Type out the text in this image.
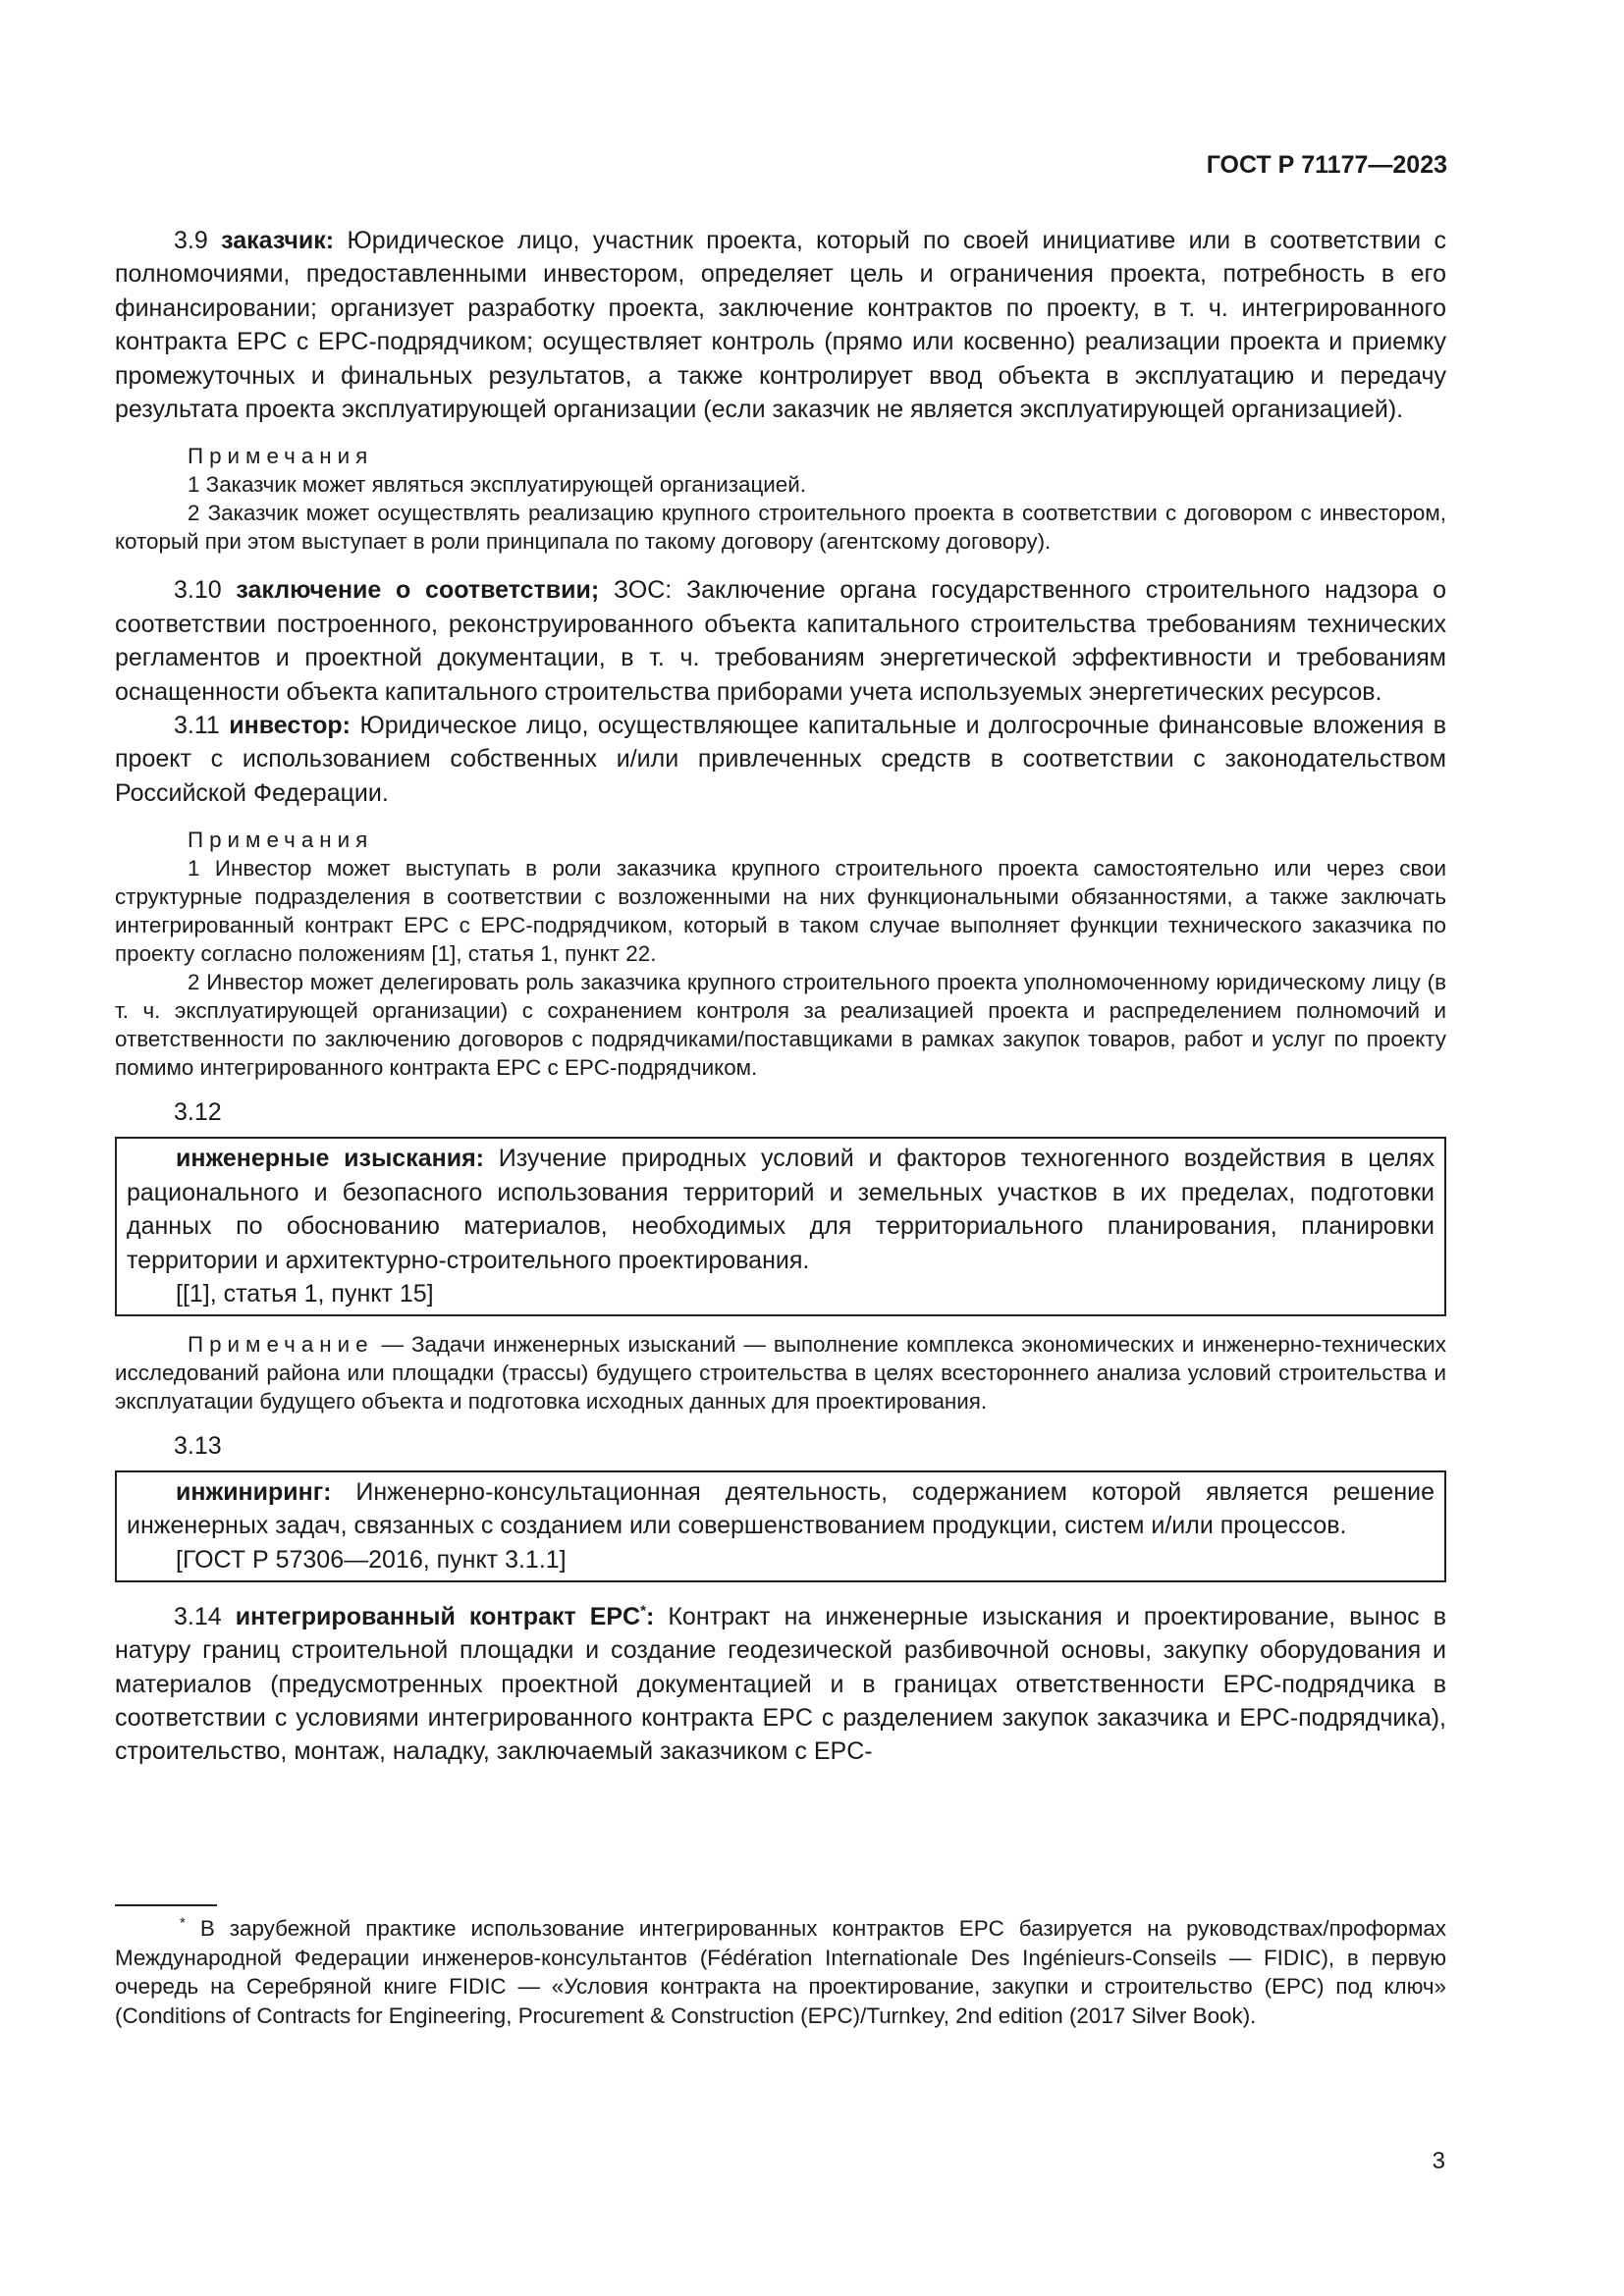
ГОСТ Р 71177—2023

3.9 заказчик: Юридическое лицо, участник проекта, который по своей инициативе или в соответствии с полномочиями, предоставленными инвестором, определяет цель и ограничения проекта, потребность в его финансировании; организует разработку проекта, заключение контрактов по проекту, в т. ч. интегрированного контракта EPC с EPC-подрядчиком; осуществляет контроль (прямо или косвенно) реализации проекта и приемку промежуточных и финальных результатов, а также контролирует ввод объекта в эксплуатацию и передачу результата проекта эксплуатирующей организации (если заказчик не является эксплуатирующей организацией).

Примечания

1 Заказчик может являться эксплуатирующей организацией.

2 Заказчик может осуществлять реализацию крупного строительного проекта в соответствии с договором с инвестором, который при этом выступает в роли принципала по такому договору (агентскому договору).

3.10 заключение о соответствии; ЗОС: Заключение органа государственного строительного надзора о соответствии построенного, реконструированного объекта капитального строительства требованиям технических регламентов и проектной документации, в т. ч. требованиям энергетической эффективности и требованиям оснащенности объекта капитального строительства приборами учета используемых энергетических ресурсов.

3.11 инвестор: Юридическое лицо, осуществляющее капитальные и долгосрочные финансовые вложения в проект с использованием собственных и/или привлеченных средств в соответствии с законодательством Российской Федерации.

Примечания

1 Инвестор может выступать в роли заказчика крупного строительного проекта самостоятельно или через свои структурные подразделения в соответствии с возложенными на них функциональными обязанностями, а также заключать интегрированный контракт EPC с EPC-подрядчиком, который в таком случае выполняет функции технического заказчика по проекту согласно положениям [1], статья 1, пункт 22.

2 Инвестор может делегировать роль заказчика крупного строительного проекта уполномоченному юридическому лицу (в т. ч. эксплуатирующей организации) с сохранением контроля за реализацией проекта и распределением полномочий и ответственности по заключению договоров с подрядчиками/поставщиками в рамках закупок товаров, работ и услуг по проекту помимо интегрированного контракта EPC с EPC-подрядчиком.

3.12

инженерные изыскания: Изучение природных условий и факторов техногенного воздействия в целях рационального и безопасного использования территорий и земельных участков в их пределах, подготовки данных по обоснованию материалов, необходимых для территориального планирования, планировки территории и архитектурно-строительного проектирования.

[[1], статья 1, пункт 15]

Примечание — Задачи инженерных изысканий — выполнение комплекса экономических и инженерно-технических исследований района или площадки (трассы) будущего строительства в целях всестороннего анализа условий строительства и эксплуатации будущего объекта и подготовка исходных данных для проектирования.

3.13

инжиниринг: Инженерно-консультационная деятельность, содержанием которой является решение инженерных задач, связанных с созданием или совершенствованием продукции, систем и/или процессов.

[ГОСТ Р 57306—2016, пункт 3.1.1]

3.14 интегрированный контракт EPC*: Контракт на инженерные изыскания и проектирование, вынос в натуру границ строительной площадки и создание геодезической разбивочной основы, закупку оборудования и материалов (предусмотренных проектной документацией и в границах ответственности EPC-подрядчика в соответствии с условиями интегрированного контракта EPC с разделением закупок заказчика и EPC-подрядчика), строительство, монтаж, наладку, заключаемый заказчиком с EPC-

* В зарубежной практике использование интегрированных контрактов EPC базируется на руководствах/проформах Международной Федерации инженеров-консультантов (Fédération Internationale Des Ingénieurs-Conseils — FIDIC), в первую очередь на Серебряной книге FIDIC — «Условия контракта на проектирование, закупки и строительство (EPC) под ключ» (Conditions of Contracts for Engineering, Procurement & Construction (EPC)/Turnkey, 2nd edition (2017 Silver Book).

3
